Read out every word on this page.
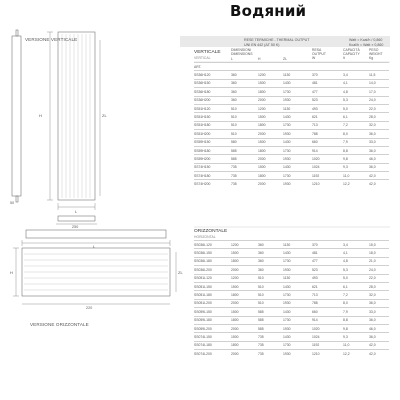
Водяний
VERSIONE VERTICALE
VERSIONE ORIZZONTALE
H	ZL
L
250
50
L
H	ZL
220
RESE TERMICHE - THERMAL OUTPUT
UNI EN 442 (ΔT 50 K)
Watt = Kcal/h / 0,860
Kcal/h = Watt × 0,860
VERTICALE
VERTICAL
DIMENSIONI
DIMENSIONS
L	H	ZL
RESA
OUTPUT
W
CAPACITÀ
CAPACITY
lt
PESO
WEIGHT
Kg
ART.						
SS36H120	360	1200	1130	370	3,4	11,5
SS36H150	360	1500	1430	481	4,1	14,0
SS36H180	360	1800	1730	477	4,8	17,0
SS36H200	360	2000	1930	523	5,3	24,0
SS51H120	510	1200	1130	493	5,0	22,0
SS51H150	510	1500	1430	621	6,1	28,0
SS51H180	510	1800	1730	713	7,2	32,0
SS51H200	510	2000	1930	788	8,0	36,0
SS59H150	580	1500	1430	660	7,9	33,0
SS59H180	585	1800	1730	914	8,8	36,0
SS59H200	585	2000	1930	1020	9,8	46,0
SS74H150	735	1500	1430	1024	9,3	36,0
SS74H180	735	1800	1730	1192	11,0	42,0
SS74H200	735	2000	1930	1210	12,2	42,0
ORIZZONTALE
HORIZONTAL
SS036L120	1200	360	1130	370	3,4	15,0
SS036L150	1500	360	1430	481	4,1	18,0
SS036L180	1800	360	1730	477	4,8	21,0
SS036L200	2000	360	1930	523	5,3	24,0
SS051L120	1200	510	1130	493	5,0	22,0
SS051L150	1500	510	1430	621	6,1	28,0
SS051L180	1800	510	1730	713	7,2	32,0
SS051L200	2000	510	1930	788	8,0	36,0
SS059L150	1500	585	1430	660	7,9	33,0
SS059L180	1800	585	1730	914	8,8	36,0
SS059L200	2000	585	1930	1020	9,8	46,0
SS074L150	1500	735	1430	1024	9,3	36,0
SS074L180	1800	735	1730	1192	11,0	42,0
SS074L200	2000	735	1930	1210	12,2	42,0
